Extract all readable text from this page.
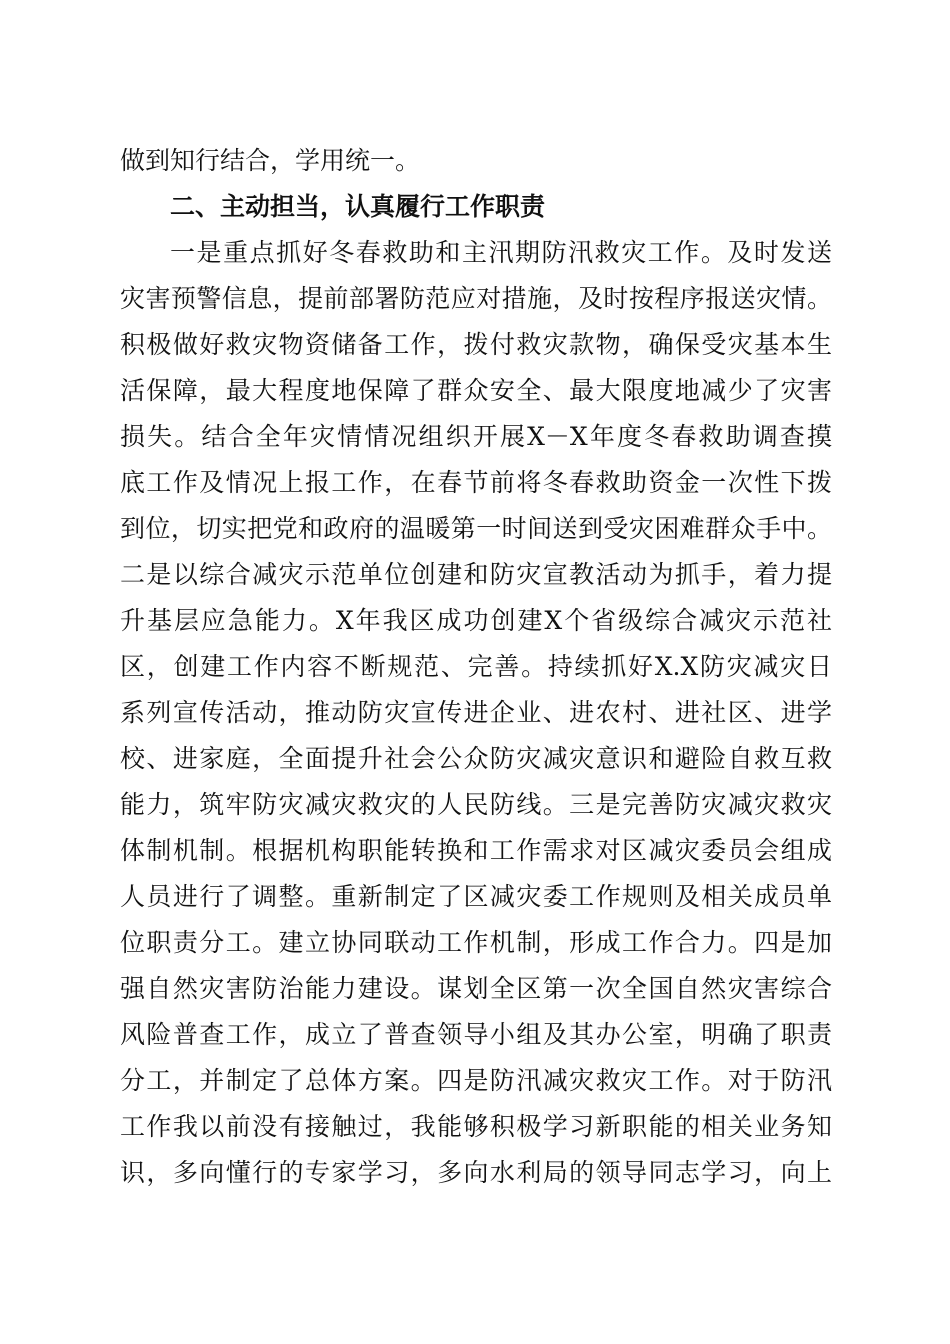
做到知行结合，学用统一。
二、主动担当，认真履行工作职责
一是重点抓好冬春救助和主汛期防汛救灾工作。及时发送
灾害预警信息，提前部署防范应对措施，及时按程序报送灾情。
积极做好救灾物资储备工作，拨付救灾款物，确保受灾基本生
活保障，最大程度地保障了群众安全、最大限度地减少了灾害
损失。结合全年灾情情况组织开展X－X年度冬春救助调查摸
底工作及情况上报工作，在春节前将冬春救助资金一次性下拨
到位，切实把党和政府的温暖第一时间送到受灾困难群众手中。
二是以综合减灾示范单位创建和防灾宣教活动为抓手，着力提
升基层应急能力。X年我区成功创建X个省级综合减灾示范社
区，创建工作内容不断规范、完善。持续抓好X.X防灾减灾日
系列宣传活动，推动防灾宣传进企业、进农村、进社区、进学
校、进家庭，全面提升社会公众防灾减灾意识和避险自救互救
能力，筑牢防灾减灾救灾的人民防线。三是完善防灾减灾救灾
体制机制。根据机构职能转换和工作需求对区减灾委员会组成
人员进行了调整。重新制定了区减灾委工作规则及相关成员单
位职责分工。建立协同联动工作机制，形成工作合力。四是加
强自然灾害防治能力建设。谋划全区第一次全国自然灾害综合
风险普查工作，成立了普查领导小组及其办公室，明确了职责
分工，并制定了总体方案。四是防汛减灾救灾工作。对于防汛
工作我以前没有接触过，我能够积极学习新职能的相关业务知
识，多向懂行的专家学习，多向水利局的领导同志学习，向上
